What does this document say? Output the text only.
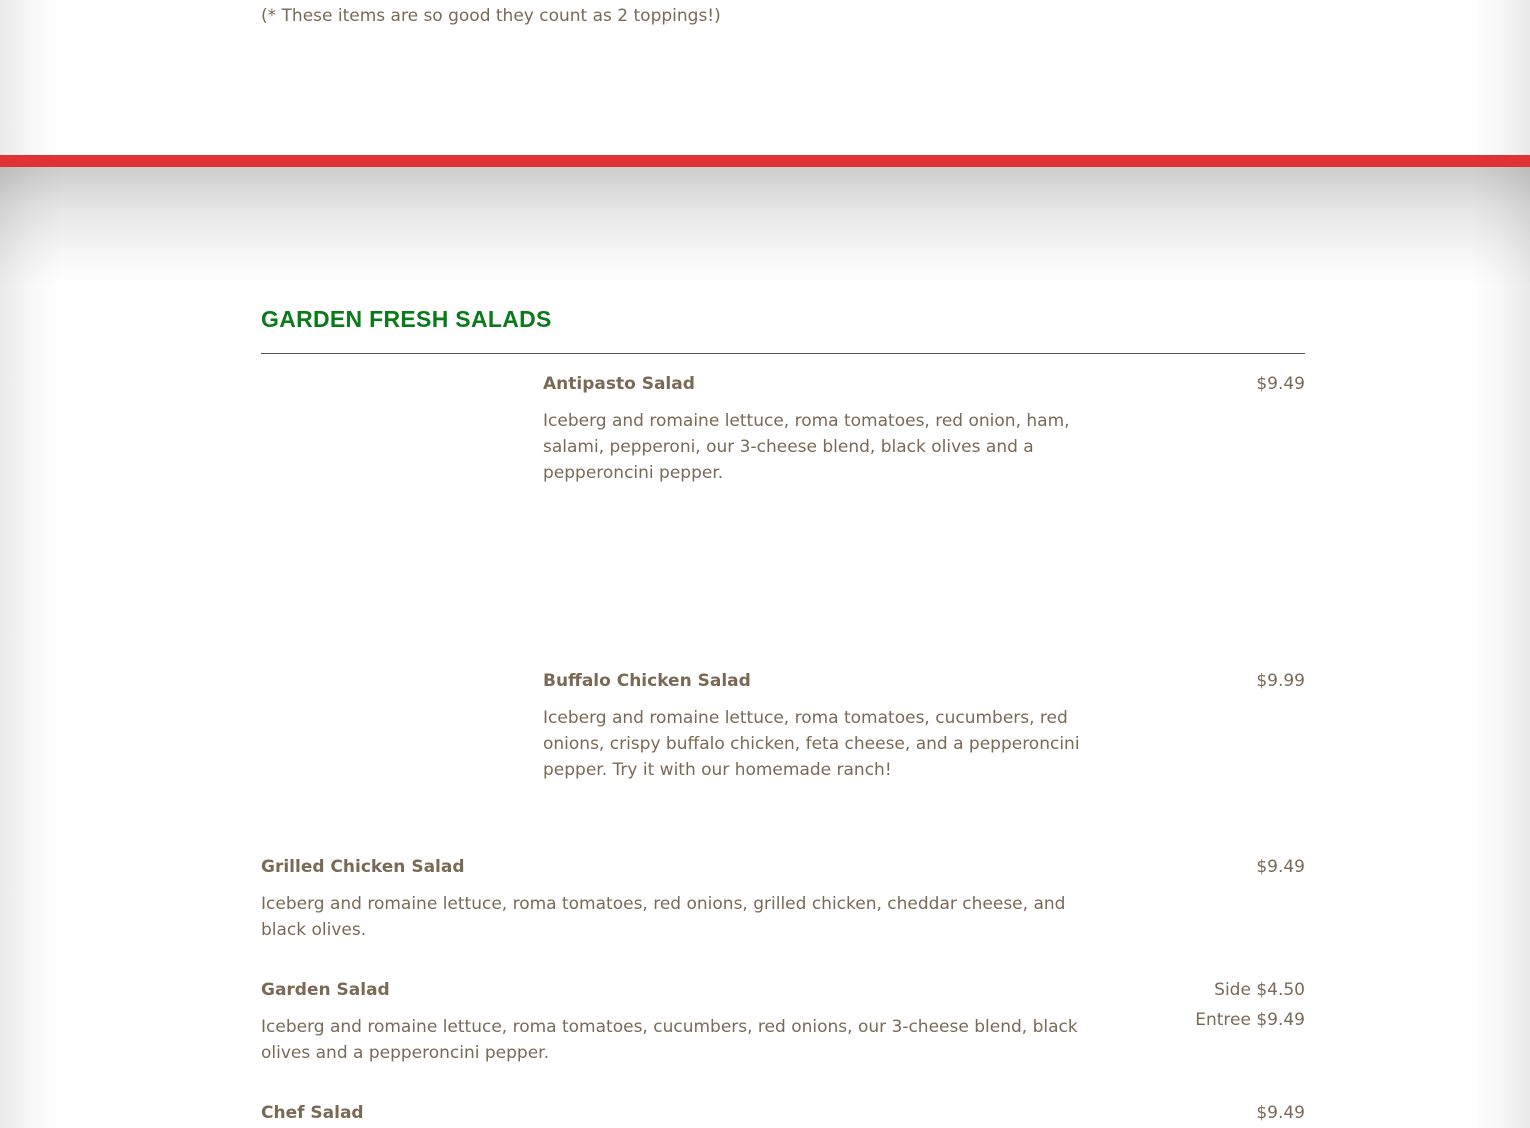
(* These items are so good they count as 2 toppings!)
GARDEN FRESH SALADS
Antipasto Salad	$9.49
Iceberg and romaine lettuce, roma tomatoes, red onion, ham, salami, pepperoni, our 3-cheese blend, black olives and a pepperoncini pepper.
Buffalo Chicken Salad	$9.99
Iceberg and romaine lettuce, roma tomatoes, cucumbers, red onions, crispy buffalo chicken, feta cheese, and a pepperoncini pepper. Try it with our homemade ranch!
Grilled Chicken Salad	$9.49
Iceberg and romaine lettuce, roma tomatoes, red onions, grilled chicken, cheddar cheese, and black olives.
Garden Salad	Side $4.50
Entree $9.49
Iceberg and romaine lettuce, roma tomatoes, cucumbers, red onions, our 3-cheese blend, black olives and a pepperoncini pepper.
Chef Salad	$9.49
